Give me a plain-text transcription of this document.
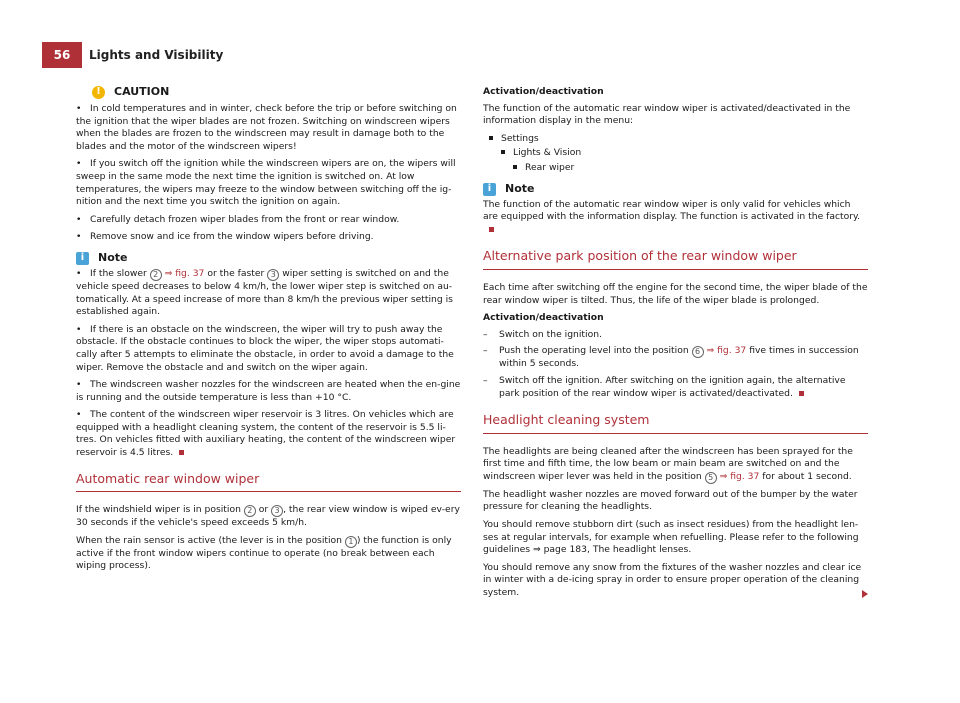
56	Lights and Visibility
!	CAUTION
• In cold temperatures and in winter, check before the trip or before switching on the ignition that the wiper blades are not frozen. Switching on windscreen wipers when the blades are frozen to the windscreen may result in damage both to the blades and the motor of the windscreen wipers!
• If you switch off the ignition while the windscreen wipers are on, the wipers will sweep in the same mode the next time the ignition is switched on. At low temperatures, the wipers may freeze to the window between switching off the ig-nition and the next time you switch the ignition on again.
• Carefully detach frozen wiper blades from the front or rear window.
• Remove snow and ice from the window wipers before driving.
i	Note
• If the slower 2 ⇒ fig. 37 or the faster 3 wiper setting is switched on and the vehicle speed decreases to below 4 km/h, the lower wiper step is switched on au-tomatically. At a speed increase of more than 8 km/h the previous wiper setting is established again.
• If there is an obstacle on the windscreen, the wiper will try to push away the obstacle. If the obstacle continues to block the wiper, the wiper stops automati-cally after 5 attempts to eliminate the obstacle, in order to avoid a damage to the wiper. Remove the obstacle and and switch on the wiper again.
• The windscreen washer nozzles for the windscreen are heated when the en-gine is running and the outside temperature is less than +10 °C.
• The content of the windscreen wiper reservoir is 3 litres. On vehicles which are equipped with a headlight cleaning system, the content of the reservoir is 5.5 li-tres. On vehicles fitted with auxiliary heating, the content of the windscreen wiper reservoir is 4.5 litres.
Automatic rear window wiper

If the windshield wiper is in position 2 or 3 , the rear view window is wiped ev-ery 30 seconds if the vehicle's speed exceeds 5 km/h.

When the rain sensor is active (the lever is in the position 1 ) the function is only active if the front window wipers continue to operate (no break between each wiping process).

Activation/deactivation

The function of the automatic rear window wiper is activated/deactivated in the information display in the menu:

Settings
Lights & Vision
Rear wiper
i	Note

The function of the automatic rear window wiper is only valid for vehicles which are equipped with the information display. The function is activated in the factory.

Alternative park position of the rear window wiper

Each time after switching off the engine for the second time, the wiper blade of the rear window wiper is tilted. Thus, the life of the wiper blade is prolonged.

Activation/deactivation
–	Switch on the ignition.
–	Push the operating level into the position 6 ⇒ fig. 37 five times in succession within 5 seconds.
–	Switch off the ignition. After switching on the ignition again, the alternative park position of the rear window wiper is activated/deactivated.
Headlight cleaning system

The headlights are being cleaned after the windscreen has been sprayed for the first time and fifth time, the low beam or main beam are switched on and the windscreen wiper lever was held in the position 5 ⇒ fig. 37 for about 1 second.

The headlight washer nozzles are moved forward out of the bumper by the water pressure for cleaning the headlights.

You should remove stubborn dirt (such as insect residues) from the headlight len-ses at regular intervals, for example when refuelling. Please refer to the following guidelines ⇒ page 183, The headlight lenses.

You should remove any snow from the fixtures of the washer nozzles and clear ice in winter with a de-icing spray in order to ensure proper operation of the cleaning system.
